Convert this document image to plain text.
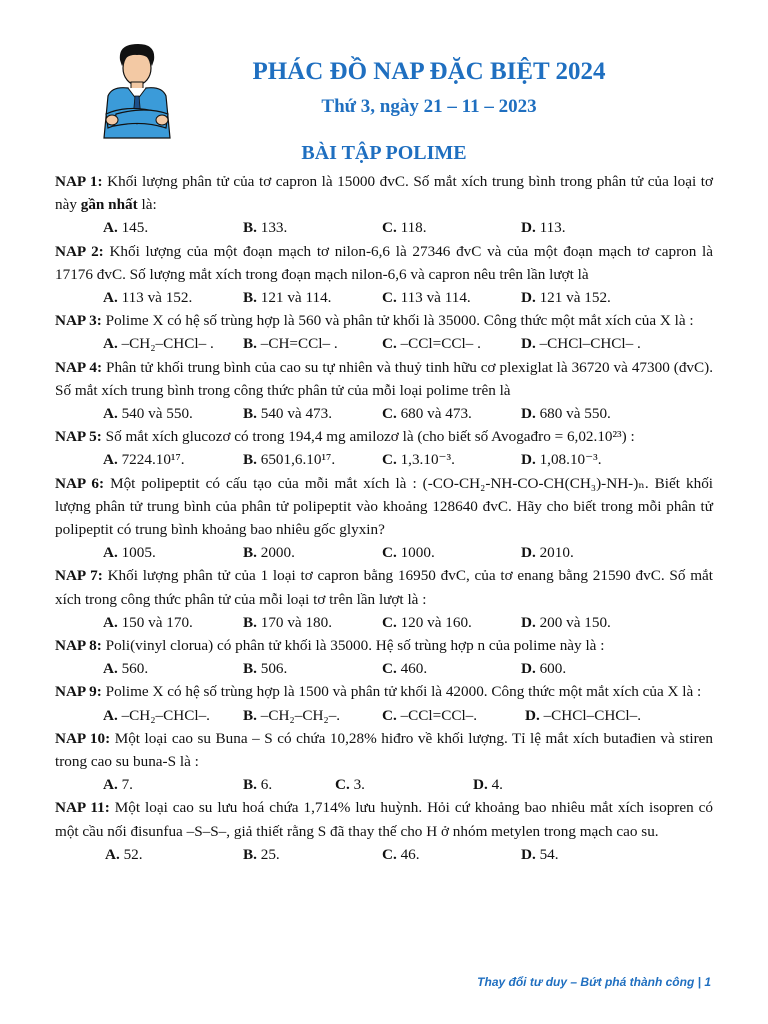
PHÁC ĐỒ NAP ĐẶC BIỆT 2024
Thứ 3, ngày 21 – 11 – 2023
BÀI TẬP POLIME
NAP 1: Khối lượng phân tử của tơ capron là 15000 đvC. Số mắt xích trung bình trong phân tử của loại tơ này gần nhất là:
A. 145.	B. 133.	C. 118.	D. 113.
NAP 2: Khối lượng của một đoạn mạch tơ nilon-6,6 là 27346 đvC và của một đoạn mạch tơ capron là 17176 đvC. Số lượng mắt xích trong đoạn mạch nilon-6,6 và capron nêu trên lần lượt là
A. 113 và 152.	B. 121 và 114.	C. 113 và 114.	D. 121 và 152.
NAP 3: Polime X có hệ số trùng hợp là 560 và phân tử khối là 35000. Công thức một mắt xích của X là :
A. –CH₂–CHCl– . B. –CH=CCl– .	C. –CCl=CCl– .	D. –CHCl–CHCl– .
NAP 4: Phân tử khối trung bình của cao su tự nhiên và thuỷ tinh hữu cơ plexiglat là 36720 và 47300 (đvC). Số mắt xích trung bình trong công thức phân tử của mỗi loại polime trên là
A. 540 và 550.	B. 540 và 473.	C. 680 và 473.	D. 680 và 550.
NAP 5: Số mắt xích glucozơ có trong 194,4 mg amilozơ là (cho biết số Avogađro = 6,02.10²³) :
A. 7224.10¹⁷.	B. 6501,6.10¹⁷.	C. 1,3.10⁻³.	D. 1,08.10⁻³.
NAP 6: Một polipeptit có cấu tạo của mỗi mắt xích là : (-CO-CH₂-NH-CO-CH(CH₃)-NH-)ₙ. Biết khối lượng phân tử trung bình của phân tử polipeptit vào khoảng 128640 đvC. Hãy cho biết trong mỗi phân tử polipeptit có trung bình khoảng bao nhiêu gốc glyxin?
A. 1005.	B. 2000.	C. 1000.	D. 2010.
NAP 7: Khối lượng phân tử của 1 loại tơ capron bằng 16950 đvC, của tơ enang bằng 21590 đvC. Số mắt xích trong công thức phân tử của mỗi loại tơ trên lần lượt là :
A. 150 và 170.	B. 170 và 180.	C. 120 và 160.	D. 200 và 150.
NAP 8: Poli(vinyl clorua) có phân tử khối là 35000. Hệ số trùng hợp n của polime này là :
A. 560.	B. 506.	C. 460.	D. 600.
NAP 9: Polime X có hệ số trùng hợp là 1500 và phân tử khối là 42000. Công thức một mắt xích của X là :
A. –CH₂–CHCl–. B. –CH₂–CH₂–.	C. –CCl=CCl–.	D. –CHCl–CHCl–.
NAP 10: Một loại cao su Buna – S có chứa 10,28% hiđro về khối lượng. Tỉ lệ mắt xích butađien và stiren trong cao su buna-S là :
A. 7.	B. 6.	C. 3.	D. 4.
NAP 11: Một loại cao su lưu hoá chứa 1,714% lưu huỳnh. Hỏi cứ khoảng bao nhiêu mắt xích isopren có một cầu nối đisunfua –S–S–, giả thiết rằng S đã thay thế cho H ở nhóm metylen trong mạch cao su.
A. 52.	B. 25.	C. 46.	D. 54.
Thay đổi tư duy – Bứt phá thành công | 1
